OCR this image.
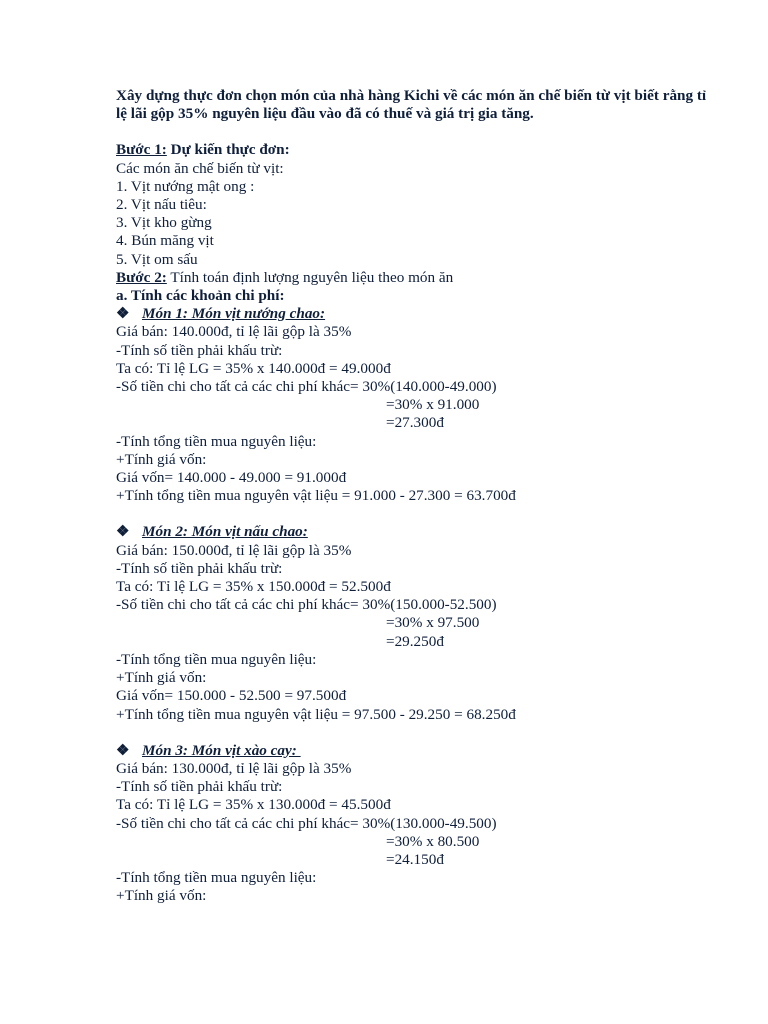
Xây dựng thực đơn chọn món của nhà hàng Kichi về các món ăn chế biến từ vịt biết rằng tỉ lệ lãi gộp 35% nguyên liệu đầu vào đã có thuế và giá trị gia tăng.

Bước 1: Dự kiến thực đơn:
Các món ăn chế biến từ vịt:
1. Vịt nướng mật ong :
2. Vịt nấu tiêu:
3. Vịt kho gừng
4. Bún măng vịt
5. Vịt om sấu
Bước 2: Tính toán định lượng nguyên liệu theo món ăn
a. Tính các khoản chi phí:
❖ Món 1: Món vịt nướng chao:
Giá bán: 140.000đ, tỉ lệ lãi gộp là 35%
-Tính số tiền phải khấu trừ:
Ta có: Tỉ lệ LG = 35% x 140.000đ = 49.000đ
-Số tiền chi cho tất cả các chi phí khác= 30%(140.000-49.000)
=30% x 91.000
=27.300đ
-Tính tổng tiền mua nguyên liệu:
+Tính giá vốn:
Giá vốn= 140.000 - 49.000 = 91.000đ
+Tính tổng tiền mua nguyên vật liệu = 91.000 - 27.300 = 63.700đ
❖ Món 2: Món vịt nấu chao:
Giá bán: 150.000đ, tỉ lệ lãi gộp là 35%
-Tính số tiền phải khấu trừ:
Ta có: Tỉ lệ LG = 35% x 150.000đ = 52.500đ
-Số tiền chi cho tất cả các chi phí khác= 30%(150.000-52.500)
=30% x 97.500
=29.250đ
-Tính tổng tiền mua nguyên liệu:
+Tính giá vốn:
Giá vốn= 150.000 - 52.500 = 97.500đ
+Tính tổng tiền mua nguyên vật liệu = 97.500 - 29.250 = 68.250đ
❖ Món 3: Món vịt xào cay:
Giá bán: 130.000đ, tỉ lệ lãi gộp là 35%
-Tính số tiền phải khấu trừ:
Ta có: Tỉ lệ LG = 35% x 130.000đ = 45.500đ
-Số tiền chi cho tất cả các chi phí khác= 30%(130.000-49.500)
=30% x 80.500
=24.150đ
-Tính tổng tiền mua nguyên liệu:
+Tính giá vốn:
